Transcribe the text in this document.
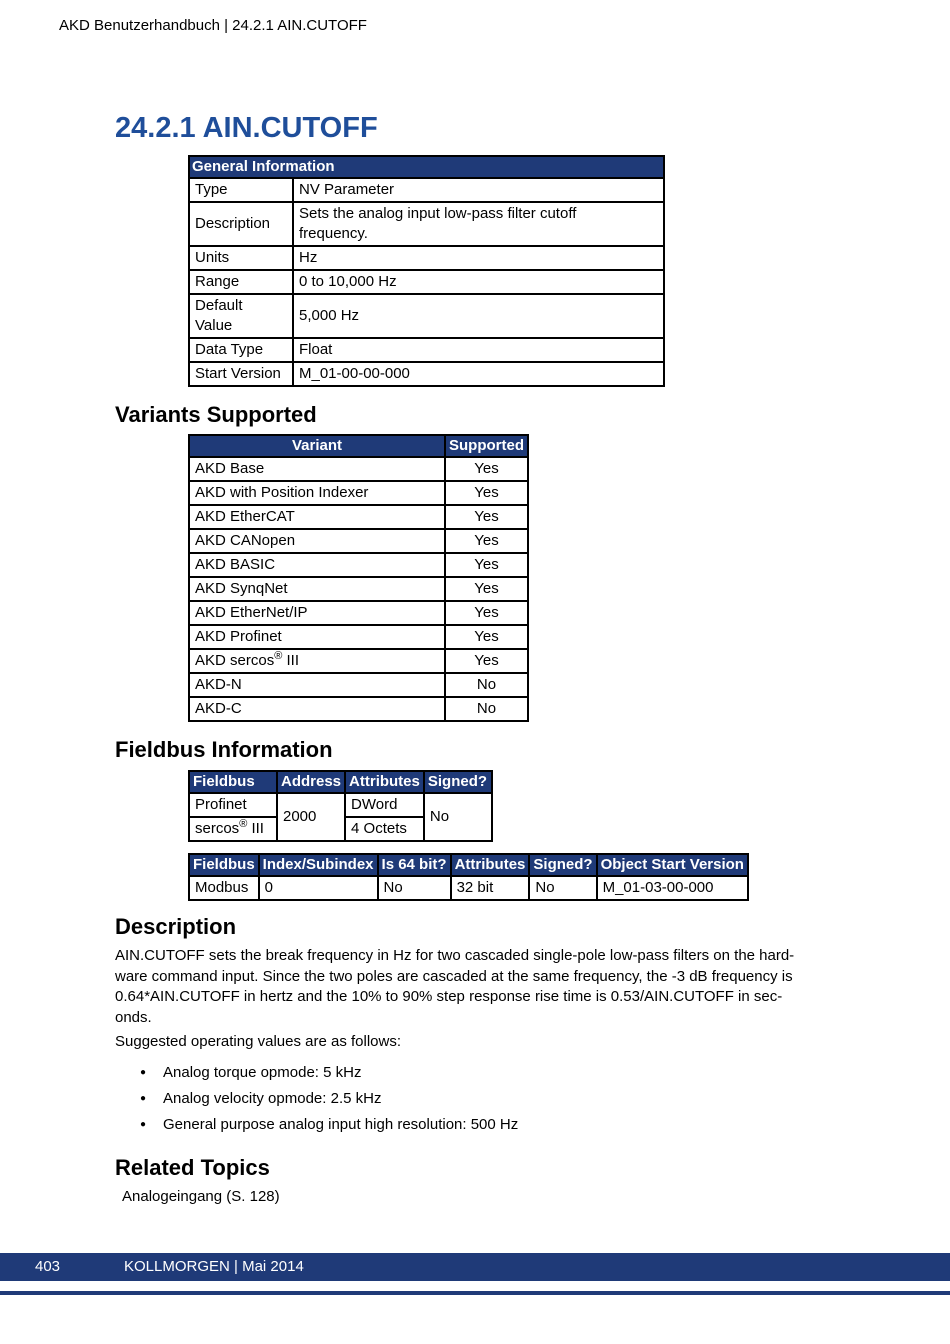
AKD Benutzerhandbuch | 24.2.1 AIN.CUTOFF
24.2.1 AIN.CUTOFF
General Information	
Type	NV Parameter
Description	Sets the analog input low-pass filter cutoff frequency.
Units	Hz
Range	0 to 10,000 Hz
Default Value	5,000 Hz
Data Type	Float
Start Version	M_01-00-00-000
Variants Supported
Variant	Supported
AKD Base	Yes
AKD with Position Indexer	Yes
AKD EtherCAT	Yes
AKD CANopen	Yes
AKD BASIC	Yes
AKD SynqNet	Yes
AKD EtherNet/IP	Yes
AKD Profinet	Yes
AKD sercos® III	Yes
AKD-N	No
AKD-C	No
Fieldbus Information
Fieldbus	Address	Attributes	Signed?
Profinet	2000	DWord	No
sercos® III		4 Octets	
Fieldbus	Index/Subindex	Is 64 bit?	Attributes	Signed?	Object Start Version
Modbus	0	No	32 bit	No	M_01-03-00-000
Description
AIN.CUTOFF sets the break frequency in Hz for two cascaded single-pole low-pass filters on the hard-
ware command input. Since the two poles are cascaded at the same frequency, the -3 dB frequency is
0.64*AIN.CUTOFF in hertz and the 10% to 90% step response rise time is 0.53/AIN.CUTOFF in sec-
onds.

Suggested operating values are as follows:

● Analog torque opmode: 5 kHz
● Analog velocity opmode: 2.5 kHz
● General purpose analog input high resolution: 500 Hz
Related Topics
Analogeingang (S. 128)
403	KOLLMORGEN | Mai 2014
